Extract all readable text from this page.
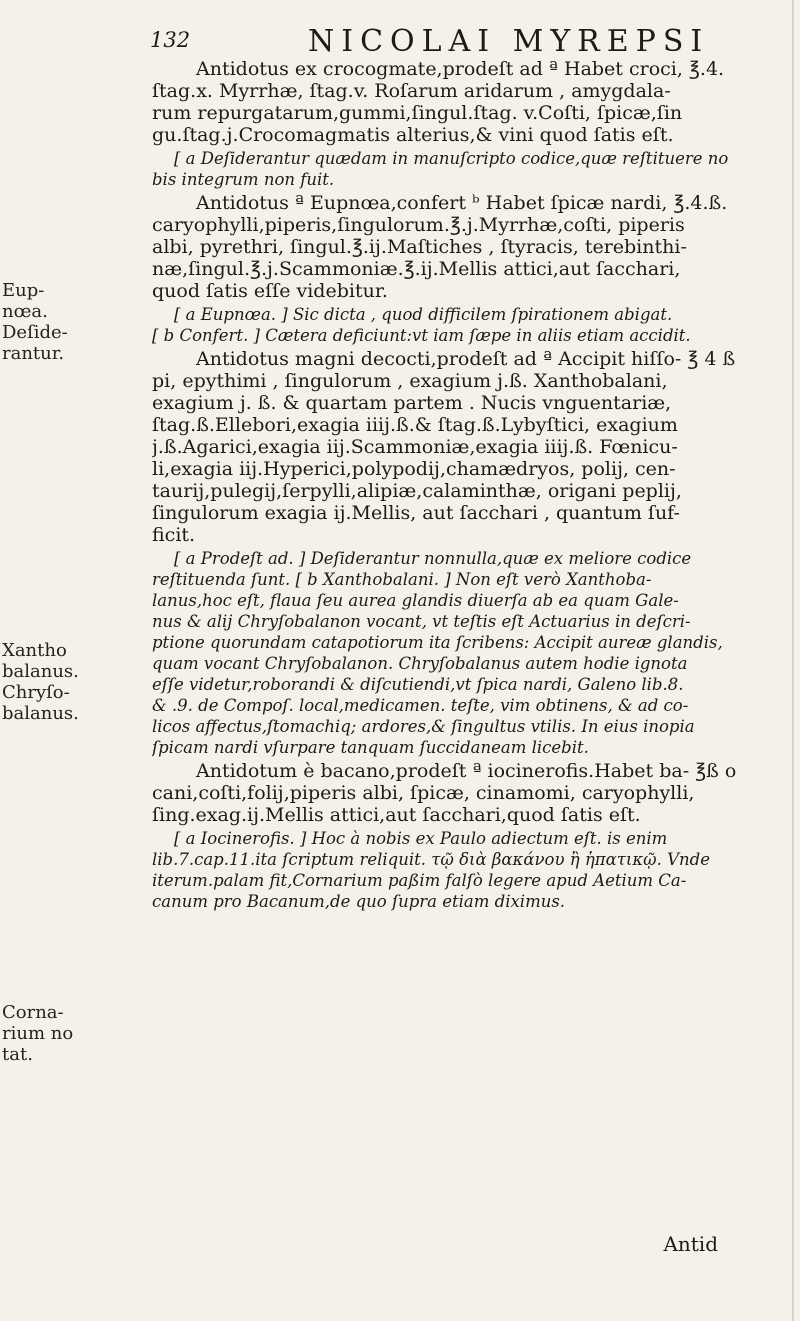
132	NICOLAI MYREPSI
Antidotus ex crocogmate,prodeſt ad ª Habet croci, ℥.4.
ſtag.x. Myrrhæ, ſtag.v. Roſarum aridarum , amygdala-
rum repurgatarum,gummi,ſingul.ſtag. v.Coſti, ſpicæ,ſin
gu.ſtag.j.Crocomagmatis alterius,& vini quod ſatis eſt.
[ a Deſiderantur quædam in manuſcripto codice,quæ reſtituere no
bis integrum non fuit.
Antidotus ª Eupnœa,confert ᵇ Habet ſpicæ nardi, ℥.4.ß.
caryophylli,piperis,ſingulorum.℥.j.Myrrhæ,coſti, piperis
albi, pyrethri, ſingul.℥.ij.Maſtiches , ſtyracis, terebinthi-
næ,ſingul.℥.j.Scammoniæ.℥.ij.Mellis attici,aut ſacchari,
quod ſatis eſſe videbitur.
[ a Eupnœa. ] Sic dicta , quod difficilem ſpirationem abigat.
[ b Confert. ] Cætera deficiunt:vt iam ſæpe in aliis etiam accidit.
Antidotus magni decocti,prodeſt ad ª Accipit hiſſo- ℥ 4 ß
pi, epythimi , ſingulorum , exagium j.ß. Xanthobalani,
exagium j. ß. & quartam partem . Nucis vnguentariæ,
ſtag.ß.Ellebori,exagia iiij.ß.& ſtag.ß.Lybyſtici, exagium
j.ß.Agarici,exagia iij.Scammoniæ,exagia iiij.ß. Fœnicu-
li,exagia iij.Hyperici,polypodij,chamædryos, polij, cen-
taurij,pulegij,ſerpylli,alipiæ,calaminthæ, origani peplij,
ſingulorum exagia ij.Mellis, aut ſacchari , quantum ſuf-
ficit.
[ a Prodeſt ad. ] Deſiderantur nonnulla,quæ ex meliore codice
reſtituenda ſunt. [ b Xanthobalani. ] Non eſt verò Xanthoba-
lanus,hoc eſt, flaua ſeu aurea glandis diuerſa ab ea quam Gale-
nus & alij Chryſobalanon vocant, vt teſtis eſt Actuarius in deſcri-
ptione quorundam catapotiorum ita ſcribens: Accipit aureæ glandis,
quam vocant Chryſobalanon. Chryſobalanus autem hodie ignota
eſſe videtur,roborandi & diſcutiendi,vt ſpica nardi, Galeno lib.8.
& .9. de Compoſ. local,medicamen. teſte, vim obtinens, & ad co-
licos affectus,ſtomachiq; ardores,& ſingultus vtilis. In eius inopia
ſpicam nardi vſurpare tanquam ſuccidaneam licebit.
Antidotum è bacano,prodeſt ª iocinerofis.Habet ba- ℥ß o
cani,coſti,folij,piperis albi, ſpicæ, cinamomi, caryophylli,
ſing.exag.ij.Mellis attici,aut ſacchari,quod ſatis eſt.
[ a Iocinerofis. ] Hoc à nobis ex Paulo adiectum eſt. is enim
lib.7.cap.11.ita ſcriptum reliquit. τῷ διὰ βακάνου ἢ ἡπατικῷ. Vnde
iterum.palam fit,Cornarium paßim falſò legere apud Aetium Ca-
canum pro Bacanum,de quo ſupra etiam diximus.
Eup-
nœa.
Deſide-
rantur.
Xantho
balanus.
Chryſo-
balanus.
Corna-
rium no
tat.
Antid
